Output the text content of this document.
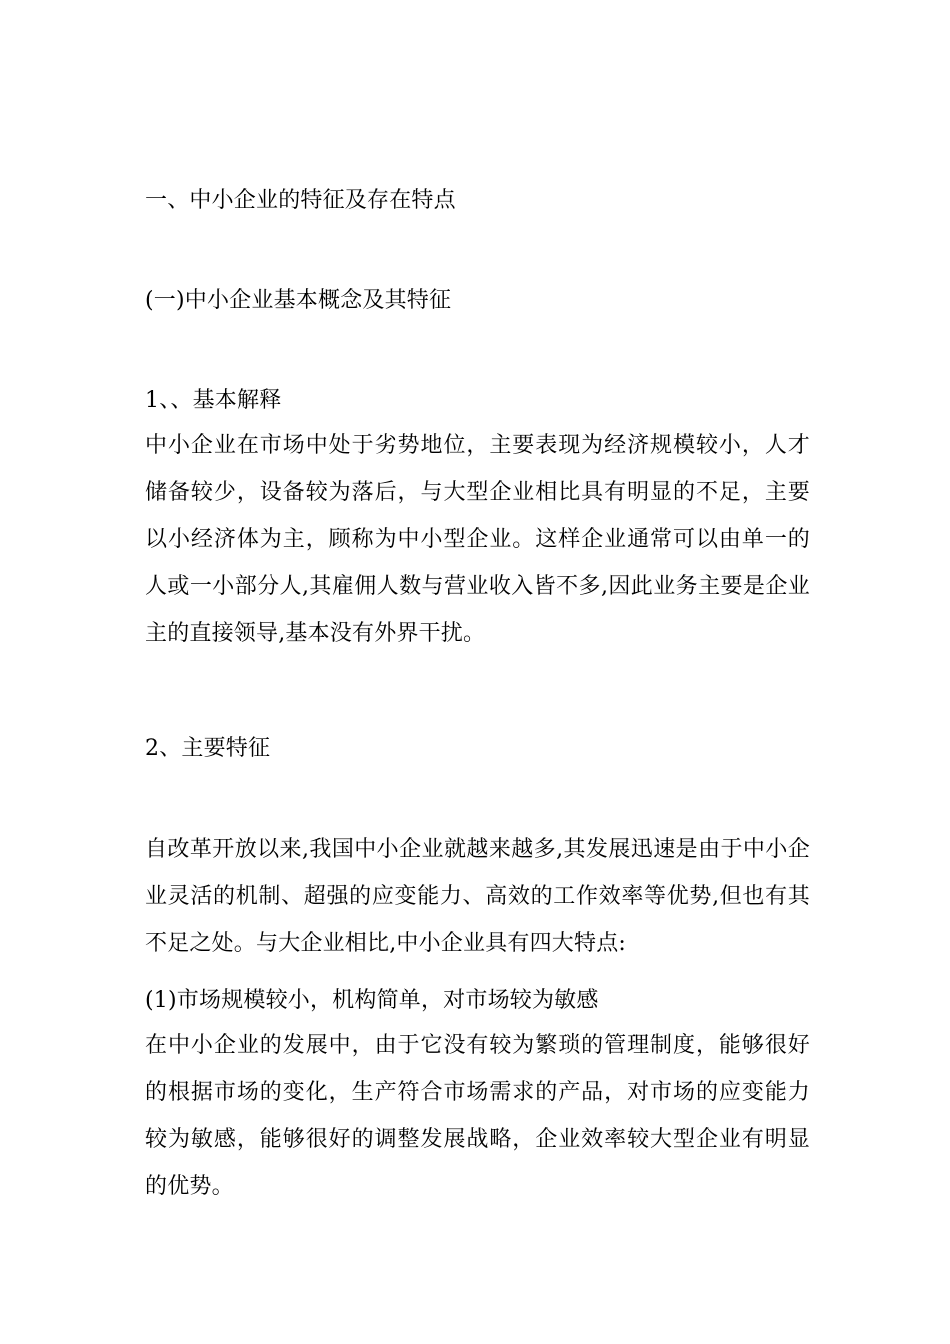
一、中小企业的特征及存在特点
(一)中小企业基本概念及其特征
1、、基本解释
中小企业在市场中处于劣势地位，主要表现为经济规模较小，人才储备较少，设备较为落后，与大型企业相比具有明显的不足，主要以小经济体为主，顾称为中小型企业。这样企业通常可以由单一的人或一小部分人,其雇佣人数与营业收入皆不多,因此业务主要是企业主的直接领导,基本没有外界干扰。
2、主要特征
自改革开放以来,我国中小企业就越来越多,其发展迅速是由于中小企业灵活的机制、超强的应变能力、高效的工作效率等优势,但也有其不足之处。与大企业相比,中小企业具有四大特点:
(1)市场规模较小，机构简单，对市场较为敏感
在中小企业的发展中，由于它没有较为繁琐的管理制度，能够很好的根据市场的变化，生产符合市场需求的产品，对市场的应变能力较为敏感，能够很好的调整发展战略，企业效率较大型企业有明显的优势。
